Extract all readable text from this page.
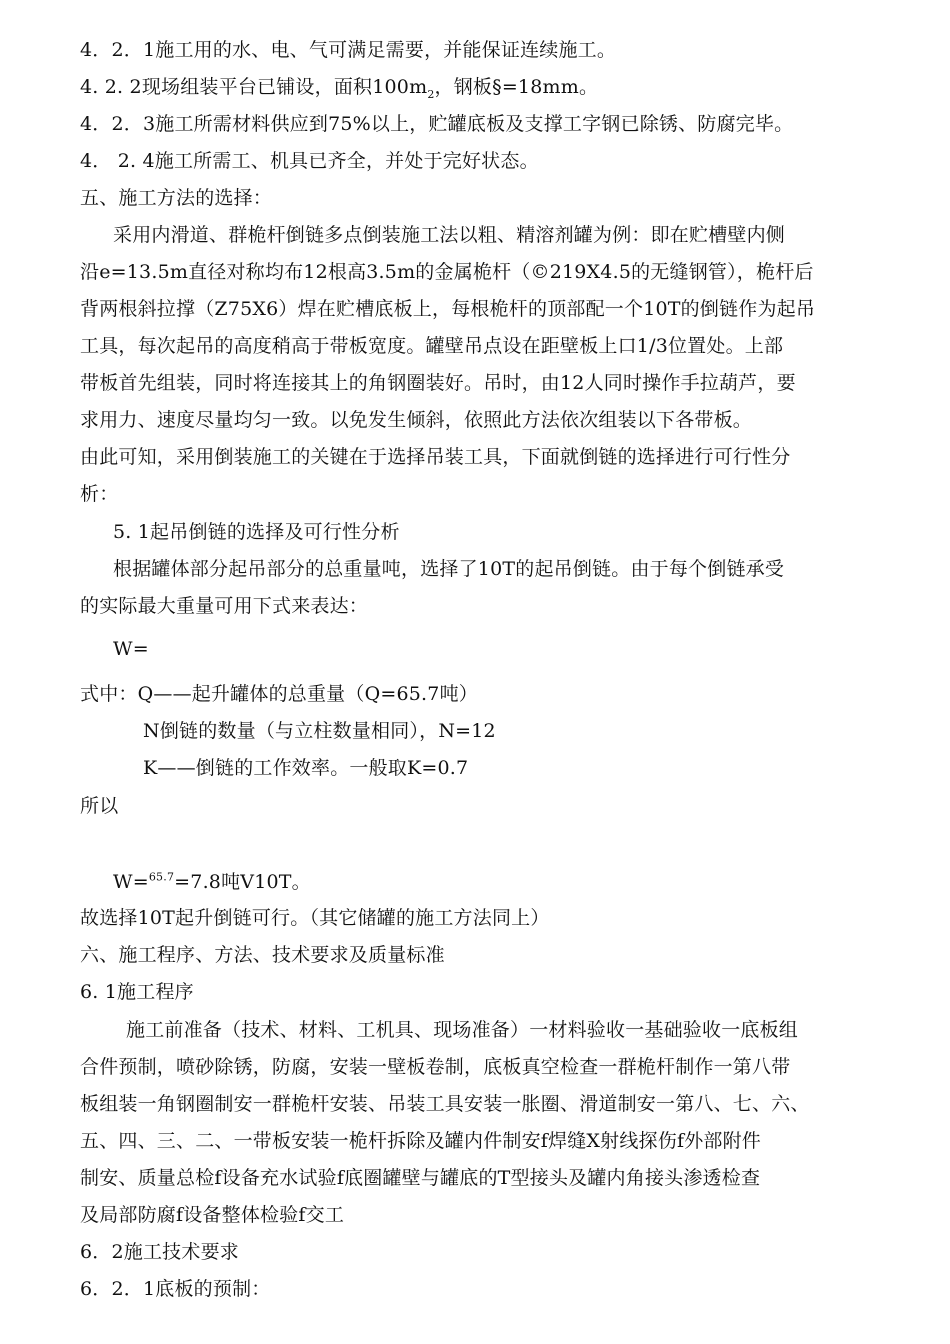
4．2．1施工用的水、电、气可满足需要，并能保证连续施工。
4. 2. 2现场组装平台已铺设，面积$100m_2$，钢板§=18mm。
4．2．3施工所需材料供应到75%以上，贮罐底板及支撑工字钢已除锈、防腐完毕。
4． 2. 4施工所需工、机具已齐全，并处于完好状态。
五、施工方法的选择：
采用内滑道、群桅杆倒链多点倒装施工法以粗、精溶剂罐为例：即在贮槽壁内侧
沿e=13.5m直径对称均布12根高3.5m的金属桅杆（©219X4.5的无缝钢管），桅杆后
背两根斜拉撑（Z75X6）焊在贮槽底板上，每根桅杆的顶部配一个10T的倒链作为起吊
工具，每次起吊的高度稍高于带板宽度。罐壁吊点设在距壁板上口1/3位置处。上部
带板首先组装，同时将连接其上的角钢圈装好。吊时，由12人同时操作手拉葫芦，要
求用力、速度尽量均匀一致。以免发生倾斜，依照此方法依次组装以下各带板。
由此可知，采用倒装施工的关键在于选择吊装工具，下面就倒链的选择进行可行性分
析：
5. 1起吊倒链的选择及可行性分析
根据罐体部分起吊部分的总重量吨，选择了10T的起吊倒链。由于每个倒链承受
的实际最大重量可用下式来表达：
W=
式中：Q——起升罐体的总重量（Q=65.7吨）
N倒链的数量（与立柱数量相同），N=12
K——倒链的工作效率。一般取K=0.7
所以
W=$^{65.7}$=7.8吨V10T。
故选择10T起升倒链可行。（其它储罐的施工方法同上）
六、施工程序、方法、技术要求及质量标准
6. 1施工程序
施工前准备（技术、材料、工机具、现场准备）一材料验收一基础验收一底板组
合件预制，喷砂除锈，防腐，安装一壁板卷制，底板真空检查一群桅杆制作一第八带
板组装一角钢圈制安一群桅杆安装、吊装工具安装一胀圈、滑道制安一第八、七、六、
五、四、三、二、一带板安装一桅杆拆除及罐内件制安f焊缝X射线探伤f外部附件
制安、质量总检f设备充水试验f底圈罐壁与罐底的T型接头及罐内角接头渗透检查
及局部防腐f设备整体检验f交工
6．2施工技术要求
6．2．1底板的预制：
